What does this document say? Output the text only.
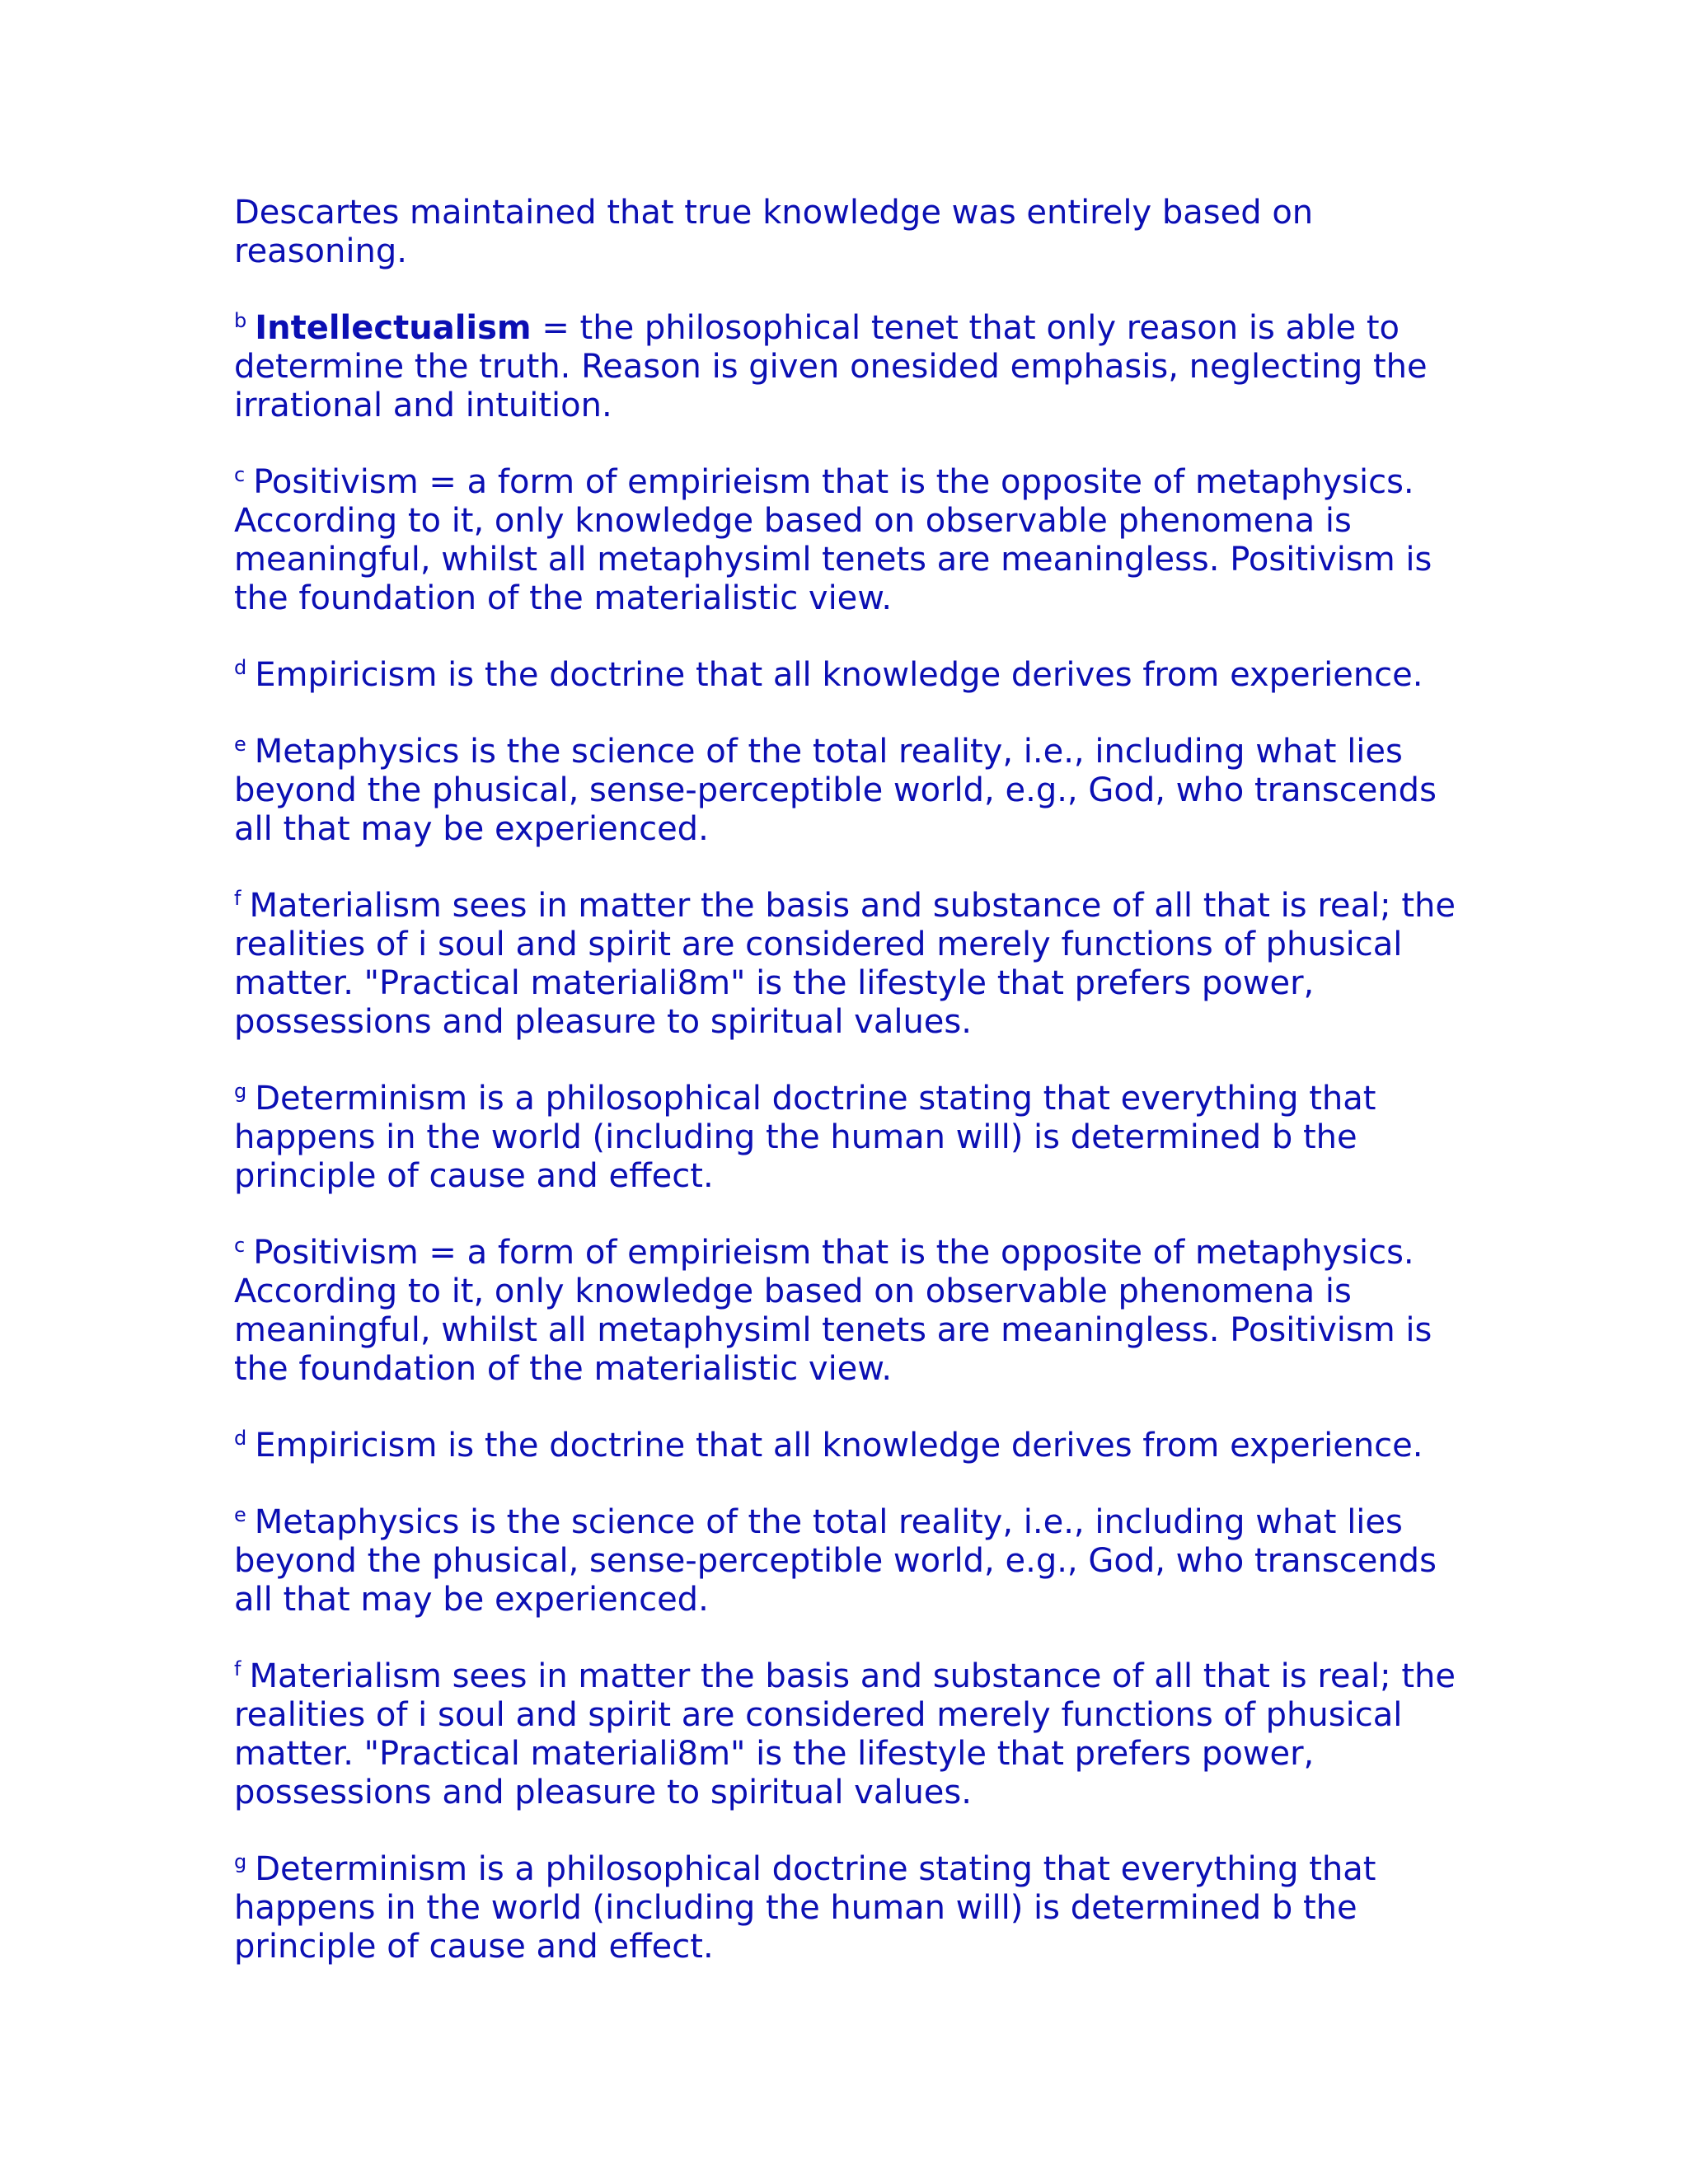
Descartes maintained that true knowledge was entirely based on reasoning.

$^b$ Intellectualism = the philosophical tenet that only reason is able to determine the truth. Reason is given onesided emphasis, neglecting the irrational and intuition.

$^c$ Positivism = a form of empirieism that is the opposite of metaphysics. According to it, only knowledge based on observable phenomena is meaningful, whilst all metaphysiml tenets are meaningless. Positivism is the foundation of the materialistic view.

$^d$ Empiricism is the doctrine that all knowledge derives from experience.

$^e$ Metaphysics is the science of the total reality, i.e., including what lies beyond the phusical, sense-perceptible world, e.g., God, who transcends all that may be experienced.

$^f$ Materialism sees in matter the basis and substance of all that is real; the realities of i soul and spirit are considered merely functions of phusical matter. "Practical materiali8m" is the lifestyle that prefers power, possessions and pleasure to spiritual values.

$^g$ Determinism is a philosophical doctrine stating that everything that happens in the world (including the human will) is determined b the principle of cause and effect.

$^c$ Positivism = a form of empirieism that is the opposite of metaphysics. According to it, only knowledge based on observable phenomena is meaningful, whilst all metaphysiml tenets are meaningless. Positivism is the foundation of the materialistic view.

$^d$ Empiricism is the doctrine that all knowledge derives from experience.

$^e$ Metaphysics is the science of the total reality, i.e., including what lies beyond the phusical, sense-perceptible world, e.g., God, who transcends all that may be experienced.

$^f$ Materialism sees in matter the basis and substance of all that is real; the realities of i soul and spirit are considered merely functions of phusical matter. "Practical materiali8m" is the lifestyle that prefers power, possessions and pleasure to spiritual values.

$^g$ Determinism is a philosophical doctrine stating that everything that happens in the world (including the human will) is determined b the principle of cause and effect.
